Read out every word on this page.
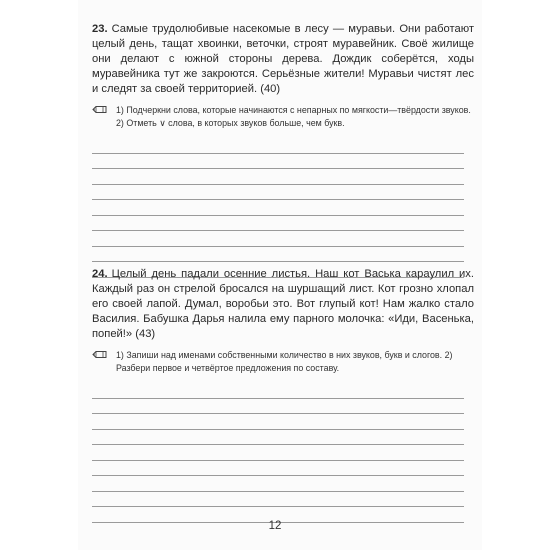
23. Самые трудолюбивые насекомые в лесу — муравьи. Они работают целый день, тащат хвоинки, веточки, строят муравейник. Своё жилище они делают с южной стороны дерева. Дождик соберётся, ходы муравейника тут же закроются. Серьёзные жители! Муравьи чистят лес и следят за своей территорией. (40)

1) Подчеркни слова, которые начинаются с непарных по мягкости—твёрдости звуков. 2) Отметь ∨ слова, в которых звуков больше, чем букв.

24. Целый день падали осенние листья. Наш кот Васька караулил их. Каждый раз он стрелой бросался на шуршащий лист. Кот грозно хлопал его своей лапой. Думал, воробьи это. Вот глупый кот! Нам жалко стало Василия. Бабушка Дарья налила ему парного молочка: «Иди, Васенька, попей!» (43)

1) Запиши над именами собственными количество в них звуков, букв и слогов. 2) Разбери первое и четвёртое предложения по составу.
12
